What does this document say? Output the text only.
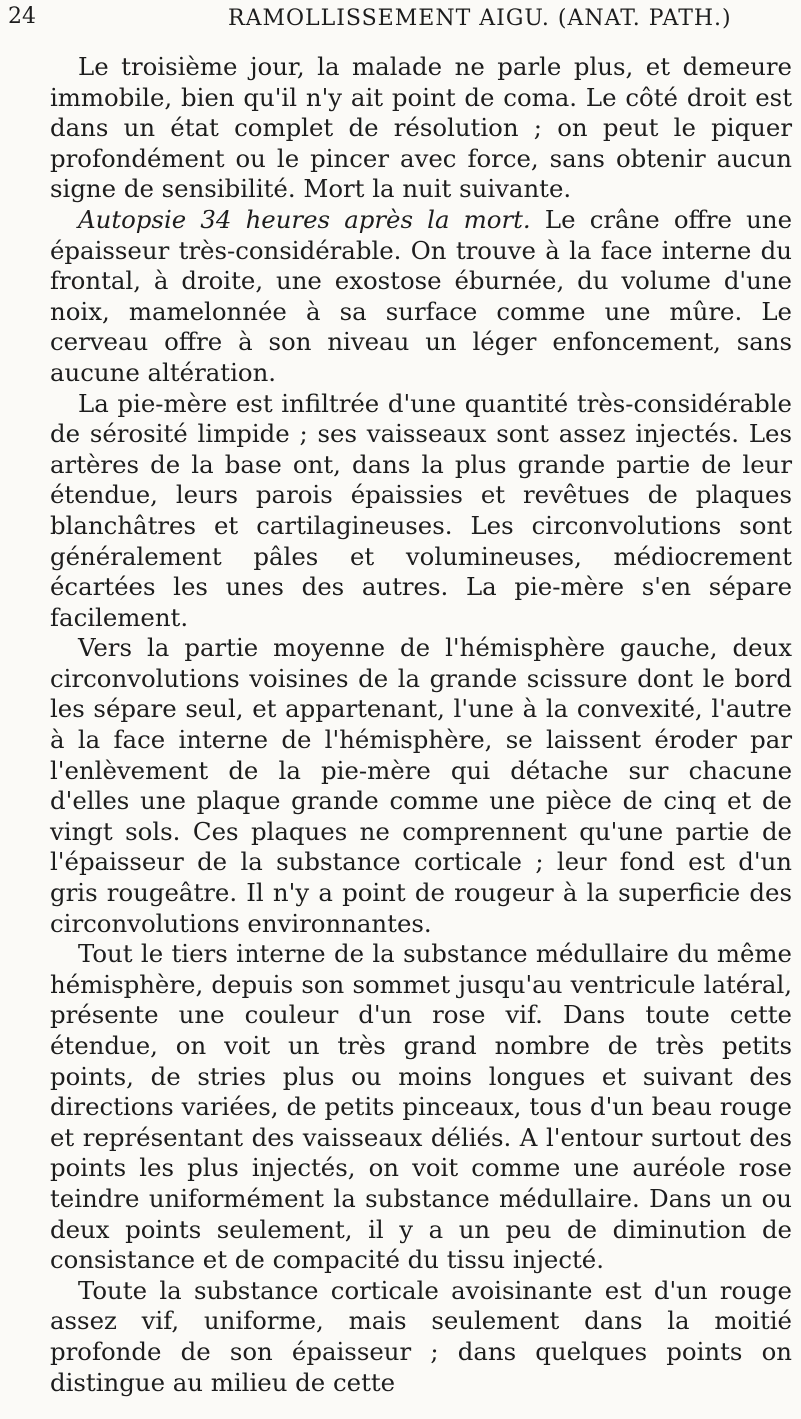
24	RAMOLLISSEMENT AIGU. (ANAT. PATH.)

Le troisième jour, la malade ne parle plus, et demeure immobile, bien qu'il n'y ait point de coma. Le côté droit est dans un état complet de résolution ; on peut le piquer profondément ou le pincer avec force, sans obtenir aucun signe de sensibilité. Mort la nuit suivante.

Autopsie 34 heures après la mort. Le crâne offre une épaisseur très-considérable. On trouve à la face interne du frontal, à droite, une exostose éburnée, du volume d'une noix, mamelonnée à sa surface comme une mûre. Le cerveau offre à son niveau un léger enfoncement, sans aucune altération.

La pie-mère est infiltrée d'une quantité très-considérable de sérosité limpide ; ses vaisseaux sont assez injectés. Les artères de la base ont, dans la plus grande partie de leur étendue, leurs parois épaissies et revêtues de plaques blanchâtres et cartilagineuses. Les circonvolutions sont généralement pâles et volumineuses, médiocrement écartées les unes des autres. La pie-mère s'en sépare facilement.

Vers la partie moyenne de l'hémisphère gauche, deux circonvolutions voisines de la grande scissure dont le bord les sépare seul, et appartenant, l'une à la convexité, l'autre à la face interne de l'hémisphère, se laissent éroder par l'enlèvement de la pie-mère qui détache sur chacune d'elles une plaque grande comme une pièce de cinq et de vingt sols. Ces plaques ne comprennent qu'une partie de l'épaisseur de la substance corticale ; leur fond est d'un gris rougeâtre. Il n'y a point de rougeur à la superficie des circonvolutions environnantes.

Tout le tiers interne de la substance médullaire du même hémisphère, depuis son sommet jusqu'au ventricule latéral, présente une couleur d'un rose vif. Dans toute cette étendue, on voit un très grand nombre de très petits points, de stries plus ou moins longues et suivant des directions variées, de petits pinceaux, tous d'un beau rouge et représentant des vaisseaux déliés. A l'entour surtout des points les plus injectés, on voit comme une auréole rose teindre uniformément la substance médullaire. Dans un ou deux points seulement, il y a un peu de diminution de consistance et de compacité du tissu injecté.

Toute la substance corticale avoisinante est d'un rouge assez vif, uniforme, mais seulement dans la moitié profonde de son épaisseur ; dans quelques points on distingue au milieu de cette
